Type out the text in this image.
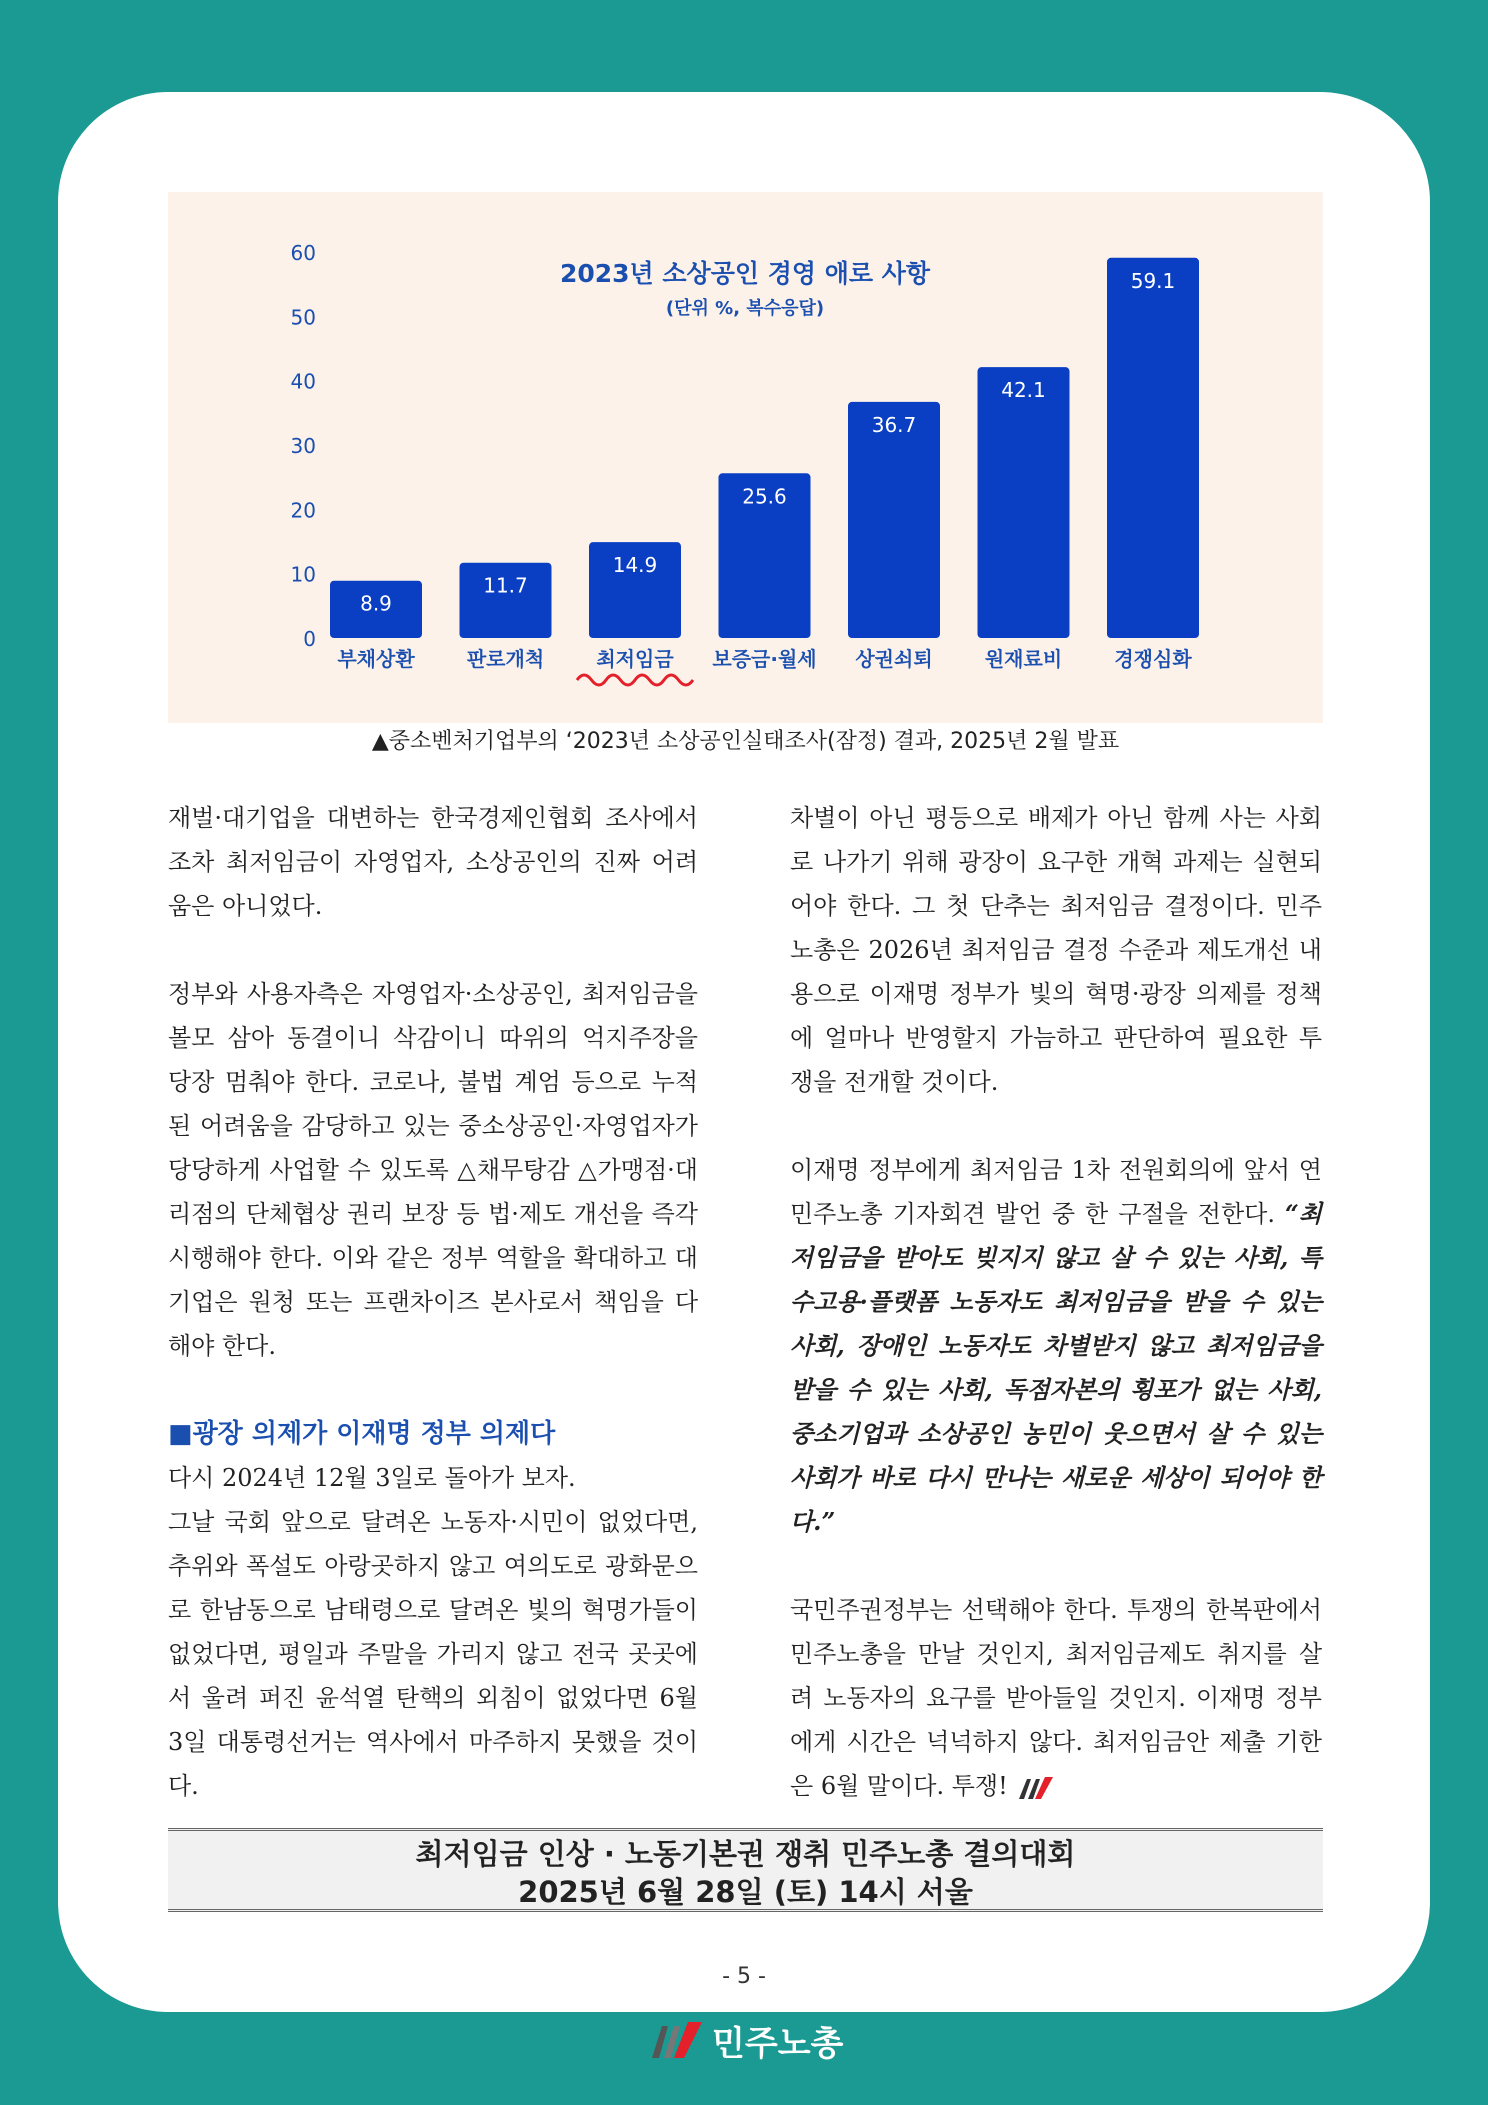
0
10
20
30
40
50
60
2023년 소상공인 경영 애로 사항
(단위 %, 복수응답)
8.9
부채상환
11.7
판로개척
14.9
최저임금
25.6
보증금·월세
36.7
상권쇠퇴
42.1
원재료비
59.1
경쟁심화
▲중소벤처기업부의 ‘2023년 소상공인실태조사(잠정) 결과, 2025년 2월 발표

재벌·대기업을 대변하는 한국경제인협회 조사에서조차 최저임금이 자영업자, 소상공인의 진짜 어려움은 아니었다.

정부와 사용자측은 자영업자·소상공인, 최저임금을 볼모 삼아 동결이니 삭감이니 따위의 억지주장을 당장 멈춰야 한다. 코로나, 불법 계엄 등으로 누적된 어려움을 감당하고 있는 중소상공인·자영업자가 당당하게 사업할 수 있도록 △채무탕감 △가맹점·대리점의 단체협상 권리 보장 등 법·제도 개선을 즉각 시행해야 한다. 이와 같은 정부 역할을 확대하고 대기업은 원청 또는 프랜차이즈 본사로서 책임을 다해야 한다.

■광장 의제가 이재명 정부 의제다

다시 2024년 12월 3일로 돌아가 보자.

그날 국회 앞으로 달려온 노동자·시민이 없었다면, 추위와 폭설도 아랑곳하지 않고 여의도로 광화문으로 한남동으로 남태령으로 달려온 빛의 혁명가들이 없었다면, 평일과 주말을 가리지 않고 전국 곳곳에서 울려 퍼진 윤석열 탄핵의 외침이 없었다면 6월 3일 대통령선거는 역사에서 마주하지 못했을 것이다.

차별이 아닌 평등으로 배제가 아닌 함께 사는 사회로 나가기 위해 광장이 요구한 개혁 과제는 실현되어야 한다. 그 첫 단추는 최저임금 결정이다. 민주노총은 2026년 최저임금 결정 수준과 제도개선 내용으로 이재명 정부가 빛의 혁명·광장 의제를 정책에 얼마나 반영할지 가늠하고 판단하여 필요한 투쟁을 전개할 것이다.

이재명 정부에게 최저임금 1차 전원회의에 앞서 연 민주노총 기자회견 발언 중 한 구절을 전한다. “최저임금을 받아도 빚지지 않고 살 수 있는 사회, 특수고용·플랫폼 노동자도 최저임금을 받을 수 있는 사회, 장애인 노동자도 차별받지 않고 최저임금을 받을 수 있는 사회, 독점자본의 횡포가 없는 사회, 중소기업과 소상공인 농민이 웃으면서 살 수 있는 사회가 바로 다시 만나는 새로운 세상이 되어야 한다.”

국민주권정부는 선택해야 한다. 투쟁의 한복판에서 민주노총을 만날 것인지, 최저임금제도 취지를 살려 노동자의 요구를 받아들일 것인지. 이재명 정부에게 시간은 넉넉하지 않다. 최저임금안 제출 기한은 6월 말이다. 투쟁!

최저임금 인상 · 노동기본권 쟁취 민주노총 결의대회
2025년 6월 28일 (토) 14시 서울
- 5 -
민주노총
